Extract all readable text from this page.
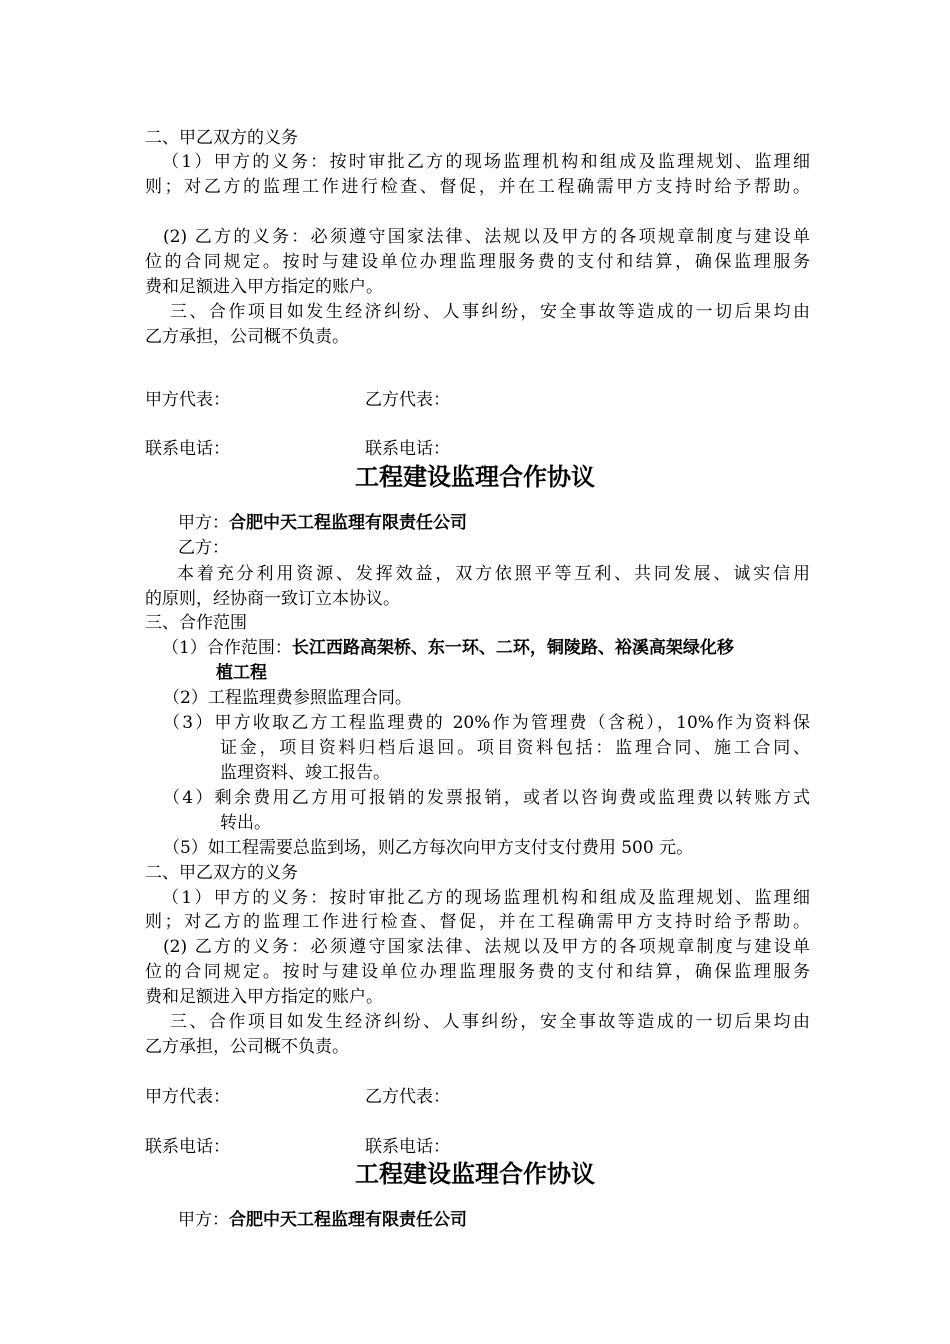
二、甲乙双方的义务
（1）甲方的义务：按时审批乙方的现场监理机构和组成及监理规划、监理细
则；对乙方的监理工作进行检查、督促，并在工程确需甲方支持时给予帮助。
(2) 乙方的义务：必须遵守国家法律、法规以及甲方的各项规章制度与建设单
位的合同规定。按时与建设单位办理监理服务费的支付和结算，确保监理服务
费和足额进入甲方指定的账户。
三、合作项目如发生经济纠纷、人事纠纷，安全事故等造成的一切后果均由
乙方承担，公司概不负责。
甲方代表：	乙方代表：
联系电话：	联系电话：
工程建设监理合作协议
甲方：合肥中天工程监理有限责任公司
乙方：
本着充分利用资源、发挥效益，双方依照平等互利、共同发展、诚实信用
的原则，经协商一致订立本协议。
三、合作范围
（1）合作范围：长江西路高架桥、东一环、二环，铜陵路、裕溪高架绿化移
植工程
（2）工程监理费参照监理合同。
（3）甲方收取乙方工程监理费的 20%作为管理费（含税），10%作为资料保
证金，项目资料归档后退回。项目资料包括：监理合同、施工合同、
监理资料、竣工报告。
（4）剩余费用乙方用可报销的发票报销，或者以咨询费或监理费以转账方式
转出。
（5）如工程需要总监到场，则乙方每次向甲方支付支付费用 500 元。
二、甲乙双方的义务
（1）甲方的义务：按时审批乙方的现场监理机构和组成及监理规划、监理细
则；对乙方的监理工作进行检查、督促，并在工程确需甲方支持时给予帮助。
(2) 乙方的义务：必须遵守国家法律、法规以及甲方的各项规章制度与建设单
位的合同规定。按时与建设单位办理监理服务费的支付和结算，确保监理服务
费和足额进入甲方指定的账户。
三、合作项目如发生经济纠纷、人事纠纷，安全事故等造成的一切后果均由
乙方承担，公司概不负责。
甲方代表：	乙方代表：
联系电话：	联系电话：
工程建设监理合作协议
甲方：合肥中天工程监理有限责任公司
